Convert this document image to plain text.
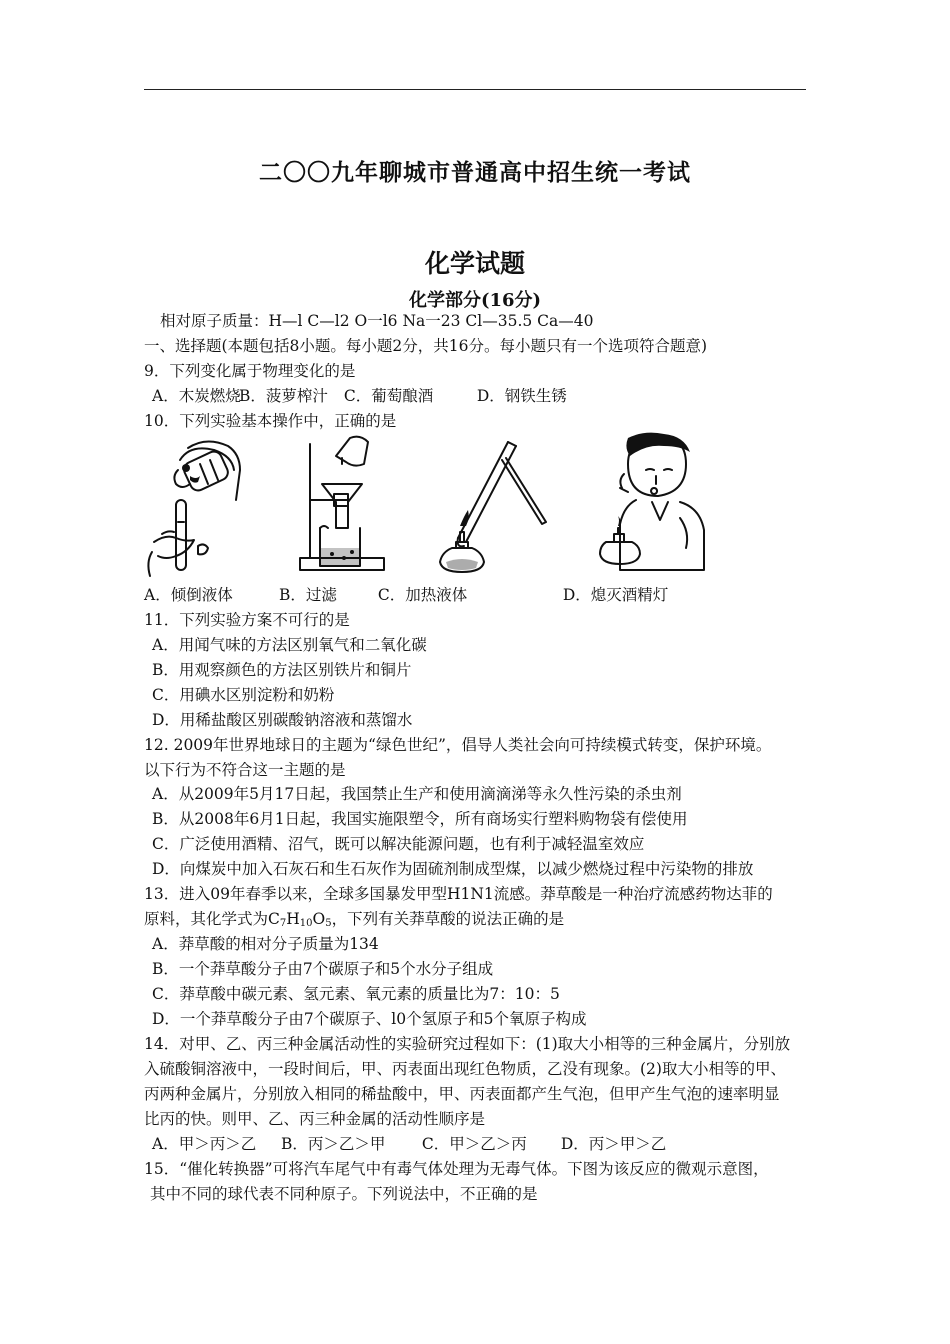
二〇〇九年聊城市普通高中招生统一考试
化学试题
化学部分(16分)
相对原子质量：H—l C—l2 O一l6 Na一23 Cl—35.5 Ca—40
一、选择题(本题包括8小题。每小题2分，共16分。每小题只有一个选项符合题意)
9．下列变化属于物理变化的是
A．木炭燃烧 B．菠萝榨汁 C．葡萄酿酒	D．钢铁生锈
10．下列实验基本操作中，正确的是
A．倾倒液体	B．过滤	C．加热液体	D．熄灭酒精灯
11．下列实验方案不可行的是
A．用闻气味的方法区别氧气和二氧化碳
B．用观察颜色的方法区别铁片和铜片
C．用碘水区别淀粉和奶粉
D．用稀盐酸区别碳酸钠溶液和蒸馏水
12. 2009年世界地球日的主题为“绿色世纪”，倡导人类社会向可持续模式转变，保护环境。
以下行为不符合这一主题的是
A．从2009年5月17日起，我国禁止生产和使用滴滴涕等永久性污染的杀虫剂
B．从2008年6月1日起，我国实施限塑令，所有商场实行塑料购物袋有偿使用
C．广泛使用酒精、沼气，既可以解决能源问题，也有利于减轻温室效应
D．向煤炭中加入石灰石和生石灰作为固硫剂制成型煤，以减少燃烧过程中污染物的排放
13．进入09年春季以来，全球多国暴发甲型H1N1流感。莽草酸是一种治疗流感药物达菲的
原料，其化学式为$C_7H_{10}O_5$，下列有关莽草酸的说法正确的是
A．莽草酸的相对分子质量为134
B．一个莽草酸分子由7个碳原子和5个水分子组成
C．莽草酸中碳元素、氢元素、氧元素的质量比为7：10：5
D．一个莽草酸分子由7个碳原子、l0个氢原子和5个氧原子构成
14．对甲、乙、丙三种金属活动性的实验研究过程如下：(1)取大小相等的三种金属片，分别放
入硫酸铜溶液中，一段时间后，甲、丙表面出现红色物质，乙没有现象。(2)取大小相等的甲、
丙两种金属片，分别放入相同的稀盐酸中，甲、丙表面都产生气泡，但甲产生气泡的速率明显
比丙的快。则甲、乙、丙三种金属的活动性顺序是
A．甲＞丙＞乙 B．丙＞乙＞甲 C．甲＞乙＞丙 D．丙＞甲＞乙
15．“催化转换器”可将汽车尾气中有毒气体处理为无毒气体。下图为该反应的微观示意图，
其中不同的球代表不同种原子。下列说法中，不正确的是
